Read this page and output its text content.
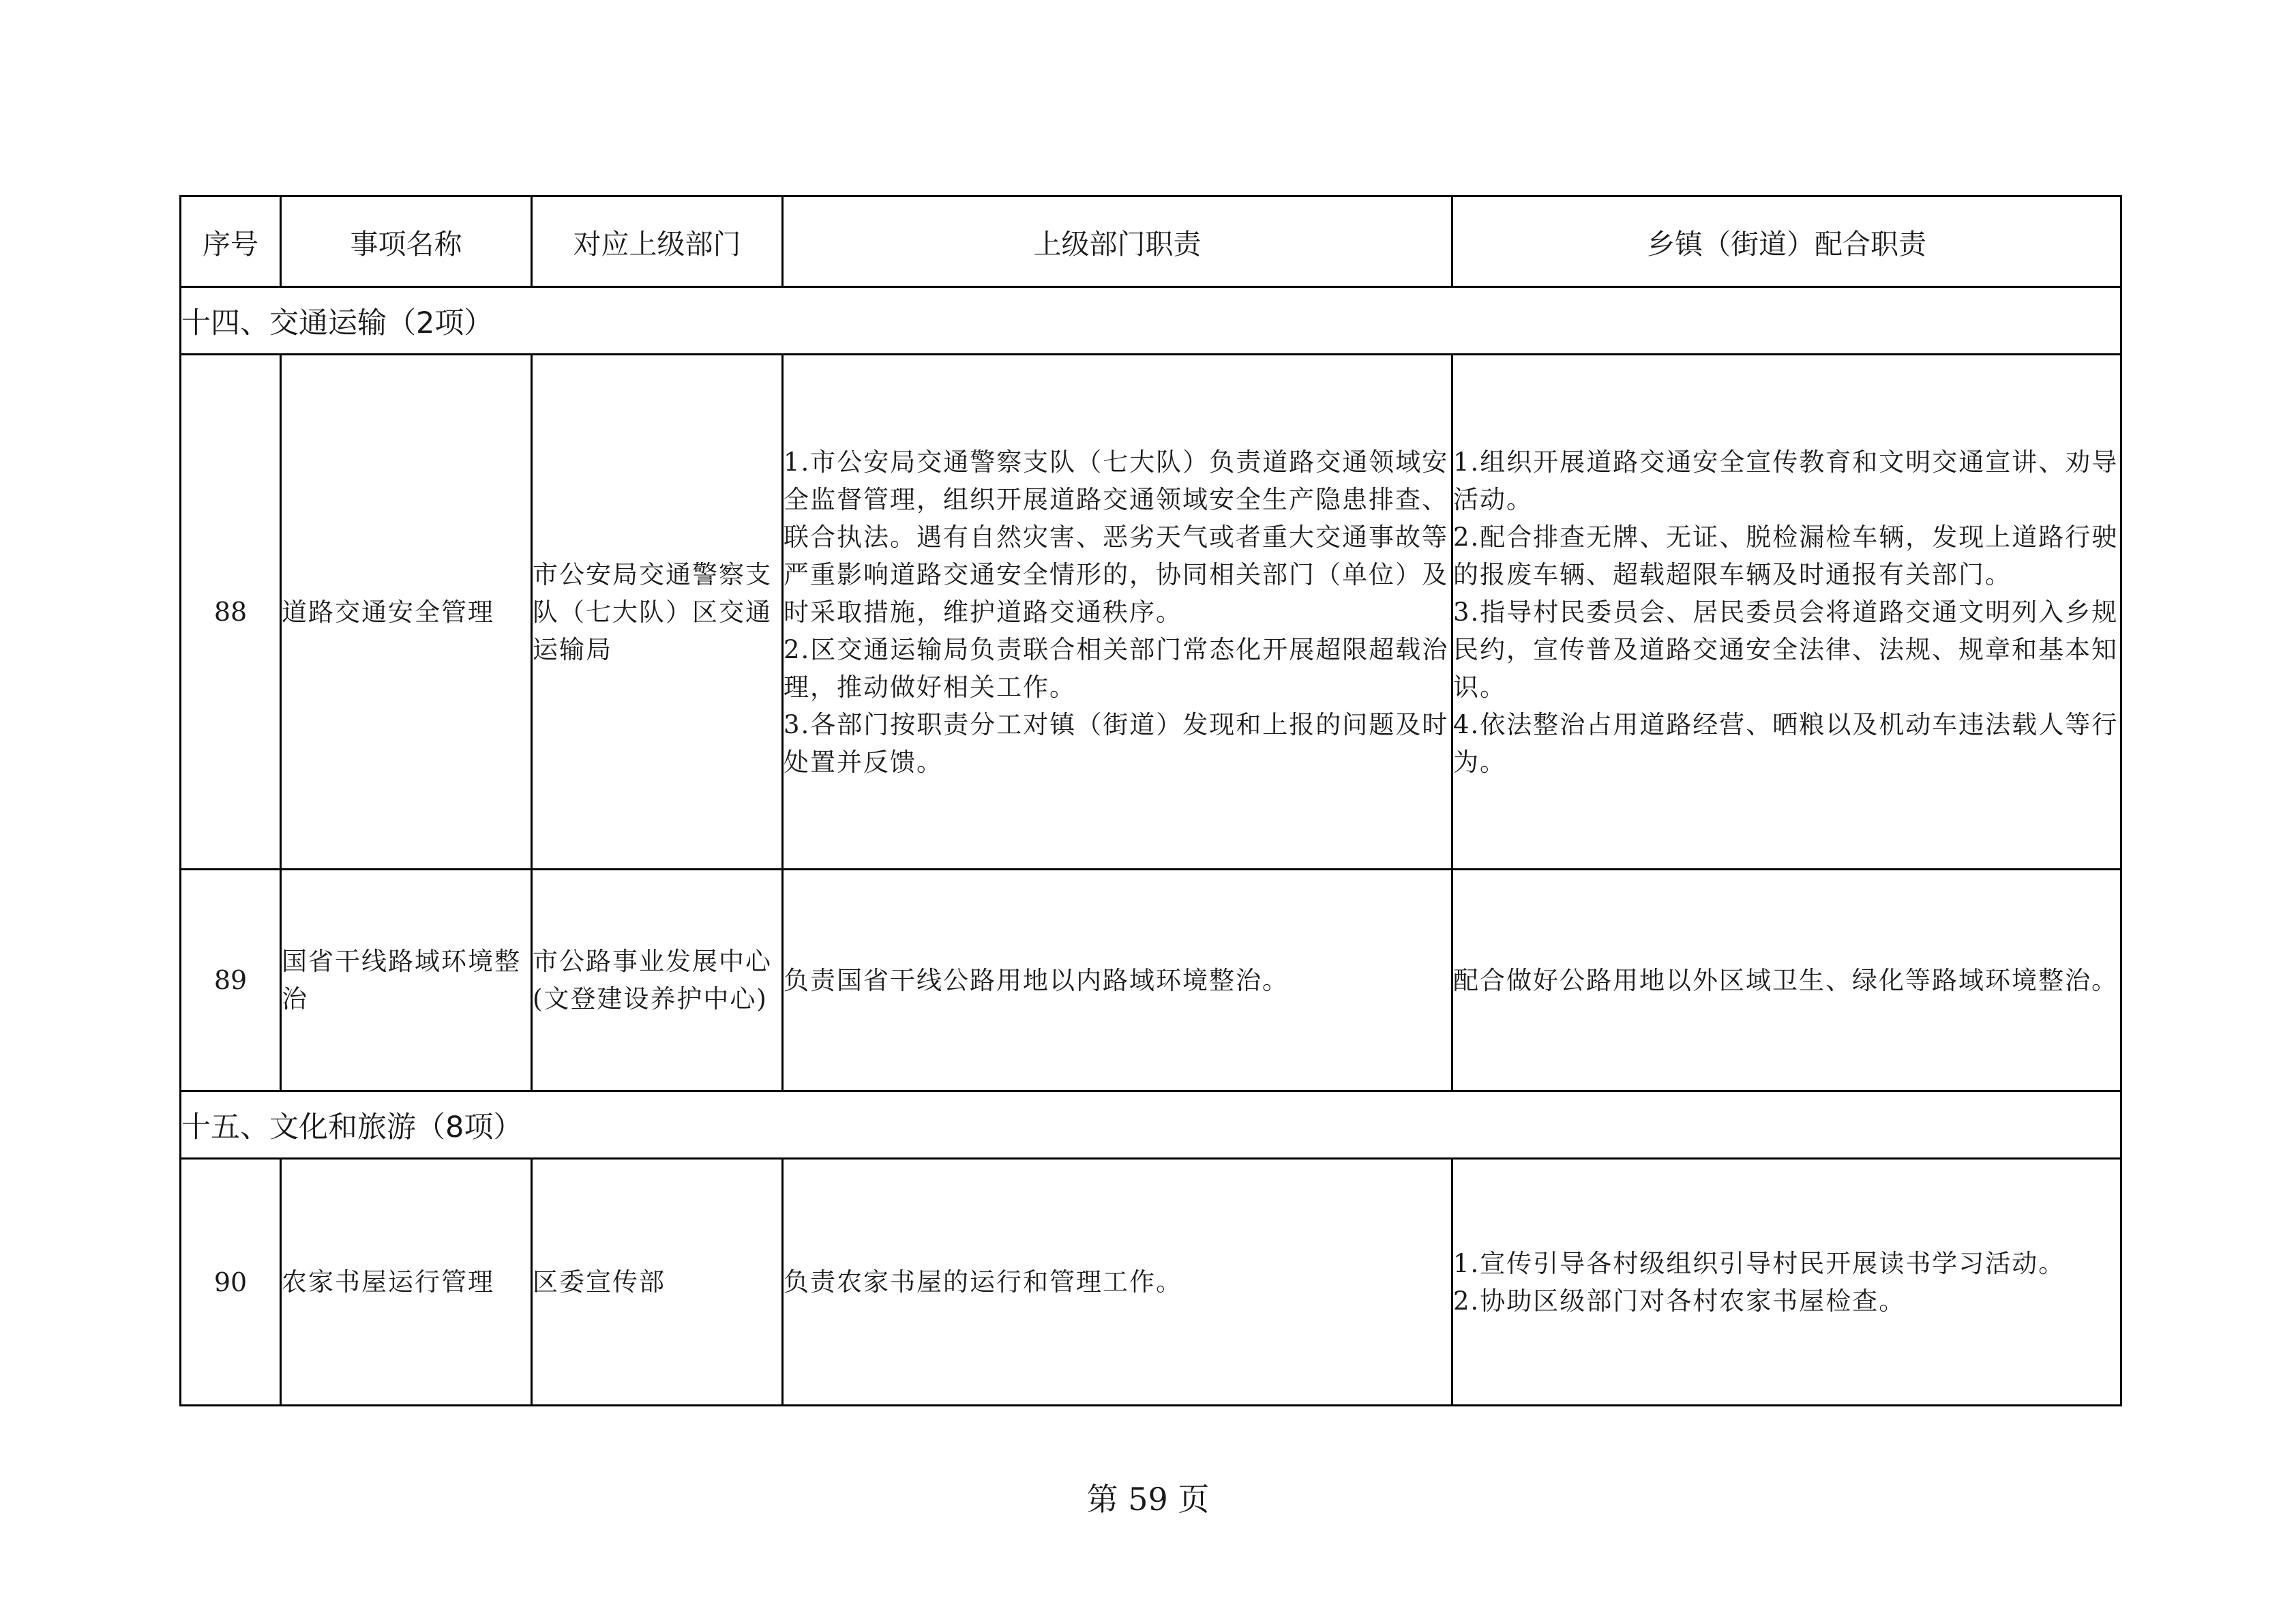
序号	事项名称	对应上级部门	上级部门职责	乡镇（街道）配合职责
十四、交通运输（2项）				
88	道路交通安全管理	市公安局交通警察支队（七大队）区交通运输局	1.市公安局交通警察支队（七大队）负责道路交通领域安全监督管理，组织开展道路交通领域安全生产隐患排查、联合执法。遇有自然灾害、恶劣天气或者重大交通事故等严重影响道路交通安全情形的，协同相关部门（单位）及时采取措施，维护道路交通秩序。
2.区交通运输局负责联合相关部门常态化开展超限超载治理，推动做好相关工作。
3.各部门按职责分工对镇（街道）发现和上报的问题及时处置并反馈。	1.组织开展道路交通安全宣传教育和文明交通宣讲、劝导活动。
2.配合排查无牌、无证、脱检漏检车辆，发现上道路行驶的报废车辆、超载超限车辆及时通报有关部门。
3.指导村民委员会、居民委员会将道路交通文明列入乡规民约，宣传普及道路交通安全法律、法规、规章和基本知识。
4.依法整治占用道路经营、晒粮以及机动车违法载人等行为。

89	国省干线路域环境整治	市公路事业发展中心(文登建设养护中心)	负责国省干线公路用地以内路域环境整治。	配合做好公路用地以外区域卫生、绿化等路域环境整治。

十五、文化和旅游（8项）				
90	农家书屋运行管理	区委宣传部	负责农家书屋的运行和管理工作。	1.宣传引导各村级组织引导村民开展读书学习活动。
2.协助区级部门对各村农家书屋检查。
第 59 页
